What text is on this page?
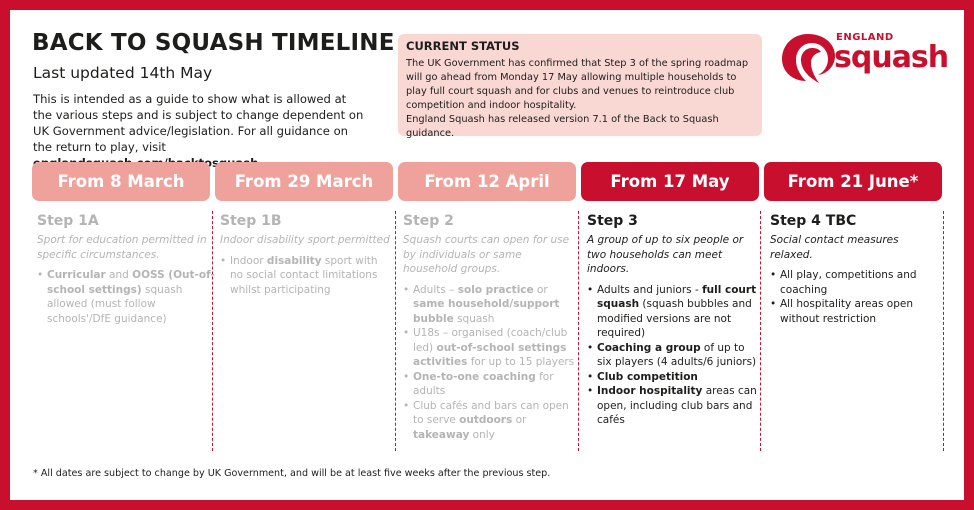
BACK TO SQUASH TIMELINE
Last updated 14th May
This is intended as a guide to show what is allowed at the various steps and is subject to change dependent on UK Government advice/legislation. For all guidance on the return to play, visit
CURRENT STATUS
The UK Government has confirmed that Step 3 of the spring roadmap will go ahead from Monday 17 May allowing multiple households to play full court squash and for clubs and venues to reintroduce club competition and indoor hospitality.
England Squash has released version 7.1 of the Back to Squash guidance.
ENGLAND
squash
From 8 March	From 29 March	From 12 April	From 17 May	From 21 June*
Step 1A
Sport for education permitted in specific circumstances.
• Curricular and OOSS (Out-of-school settings) squash allowed (must follow schools'/DfE guidance)
Step 1B
Indoor disability sport permitted
• Indoor disability sport with no social contact limitations whilst participating
Step 2
Squash courts can open for use by individuals or same household groups.
• Adults – solo practice or same household/support bubble squash
• U18s – organised (coach/club led) out-of-school settings activities for up to 15 players
• One-to-one coaching for adults
• Club cafés and bars can open to serve outdoors or takeaway only
Step 3
A group of up to six people or two households can meet indoors.
• Adults and juniors - full court squash (squash bubbles and modified versions are not required)
• Coaching a group of up to six players (4 adults/6 juniors)
• Club competition
• Indoor hospitality areas can open, including club bars and cafés
Step 4 TBC
Social contact measures relaxed.
• All play, competitions and coaching
• All hospitality areas open without restriction
* All dates are subject to change by UK Government, and will be at least five weeks after the previous step.
